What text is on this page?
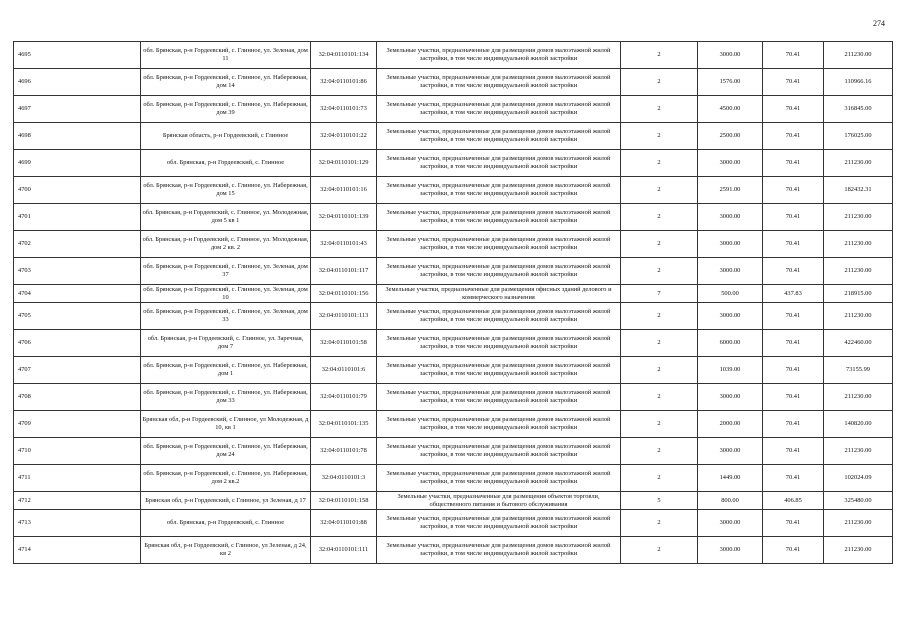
274
4695	обл. Брянская, р-н Гордеевский, с. Глинное, ул. Зеленая, дом 11	32:04:0110101:134	Земельные участки, предназначенные для размещения домов малоэтажной жилой застройки, в том числе индивидуальной жилой застройки	2	3000.00	70.41	211230.00
4696	обл. Брянская, р-н Гордеевский, с. Глинное, ул. Набережная, дом 14	32:04:0110101:86	Земельные участки, предназначенные для размещения домов малоэтажной жилой застройки, в том числе индивидуальной жилой застройки	2	1576.00	70.41	110966.16
4697	обл. Брянская, р-н Гордеевский, с. Глинное, ул. Набережная, дом 39	32:04:0110101:73	Земельные участки, предназначенные для размещения домов малоэтажной жилой застройки, в том числе индивидуальной жилой застройки	2	4500.00	70.41	316845.00
4698	Брянская область, р-н Гордеевский, с Глинное	32:04:0110101:22	Земельные участки, предназначенные для размещения домов малоэтажной жилой застройки, в том числе индивидуальной жилой застройки	2	2500.00	70.41	176025.00
4699	обл. Брянская, р-н Гордеевский, с. Глинное	32:04:0110101:129	Земельные участки, предназначенные для размещения домов малоэтажной жилой застройки, в том числе индивидуальной жилой застройки	2	3000.00	70.41	211230.00
4700	обл. Брянская, р-н Гордеевский, с. Глинное, ул. Набережная, дом 15	32:04:0110101:16	Земельные участки, предназначенные для размещения домов малоэтажной жилой застройки, в том числе индивидуальной жилой застройки	2	2591.00	70.41	182432.31
4701	обл. Брянская, р-н Гордеевский, с. Глинное, ул. Молодежная, дом 5 кв 1	32:04:0110101:139	Земельные участки, предназначенные для размещения домов малоэтажной жилой застройки, в том числе индивидуальной жилой застройки	2	3000.00	70.41	211230.00
4702	обл. Брянская, р-н Гордеевский, с. Глинное, ул. Молодежная, дом 2 кв. 2	32:04:0110101:43	Земельные участки, предназначенные для размещения домов малоэтажной жилой застройки, в том числе индивидуальной жилой застройки	2	3000.00	70.41	211230.00
4703	обл. Брянская, р-н Гордеевский, с. Глинное, ул. Зеленая, дом 37	32:04:0110101:117	Земельные участки, предназначенные для размещения домов малоэтажной жилой застройки, в том числе индивидуальной жилой застройки	2	3000.00	70.41	211230.00
4704	обл. Брянская, р-н Гордеевский, с. Глинное, ул. Зеленая, дом 10	32:04:0110101:156	Земельные участки, предназначенные для размещения офисных зданий делового и коммерческого назначения	7	500.00	437.83	218915.00
4705	обл. Брянская, р-н Гордеевский, с. Глинное, ул. Зеленая, дом 33	32:04:0110101:113	Земельные участки, предназначенные для размещения домов малоэтажной жилой застройки, в том числе индивидуальной жилой застройки	2	3000.00	70.41	211230.00
4706	обл. Брянская, р-н Гордеевский, с. Глинное, ул. Заречная, дом 7	32:04:0110101:58	Земельные участки, предназначенные для размещения домов малоэтажной жилой застройки, в том числе индивидуальной жилой застройки	2	6000.00	70.41	422460.00
4707	обл. Брянская, р-н Гордеевский, с. Глинное, ул. Набережная, дом 1	32:04:0110101:6	Земельные участки, предназначенные для размещения домов малоэтажной жилой застройки, в том числе индивидуальной жилой застройки	2	1039.00	70.41	73155.99
4708	обл. Брянская, р-н Гордеевский, с. Глинное, ул. Набережная, дом 33	32:04:0110101:79	Земельные участки, предназначенные для размещения домов малоэтажной жилой застройки, в том числе индивидуальной жилой застройки	2	3000.00	70.41	211230.00
4709	Брянская обл, р-н Гордеевский, с Глинное, ул Молодежная, д 10, кв 1	32:04:0110101:135	Земельные участки, предназначенные для размещения домов малоэтажной жилой застройки, в том числе индивидуальной жилой застройки	2	2000.00	70.41	140820.00
4710	обл. Брянская, р-н Гордеевский, с. Глинное, ул. Набережная, дом 24	32:04:0110101:78	Земельные участки, предназначенные для размещения домов малоэтажной жилой застройки, в том числе индивидуальной жилой застройки	2	3000.00	70.41	211230.00
4711	обл. Брянская, р-н Гордеевский, с. Глинное, ул. Набережная, дом 2 кв.2	32:04:0110101:3	Земельные участки, предназначенные для размещения домов малоэтажной жилой застройки, в том числе индивидуальной жилой застройки	2	1449.00	70.41	102024.09
4712	Брянская обл, р-н Гордеевский, с Глинное, ул Зеленая, д 17	32:04:0110101:158	Земельные участки, предназначенные для размещения объектов торговли, общественного питания и бытового обслуживания	5	800.00	406.85	325480.00
4713	обл. Брянская, р-н Гордеевский, с. Глинное	32:04:0110101:88	Земельные участки, предназначенные для размещения домов малоэтажной жилой застройки, в том числе индивидуальной жилой застройки	2	3000.00	70.41	211230.00
4714	Брянская обл, р-н Гордеевский, с Глинное, ул Зеленая, д 24, кв 2	32:04:0110101:111	Земельные участки, предназначенные для размещения домов малоэтажной жилой застройки, в том числе индивидуальной жилой застройки	2	3000.00	70.41	211230.00
